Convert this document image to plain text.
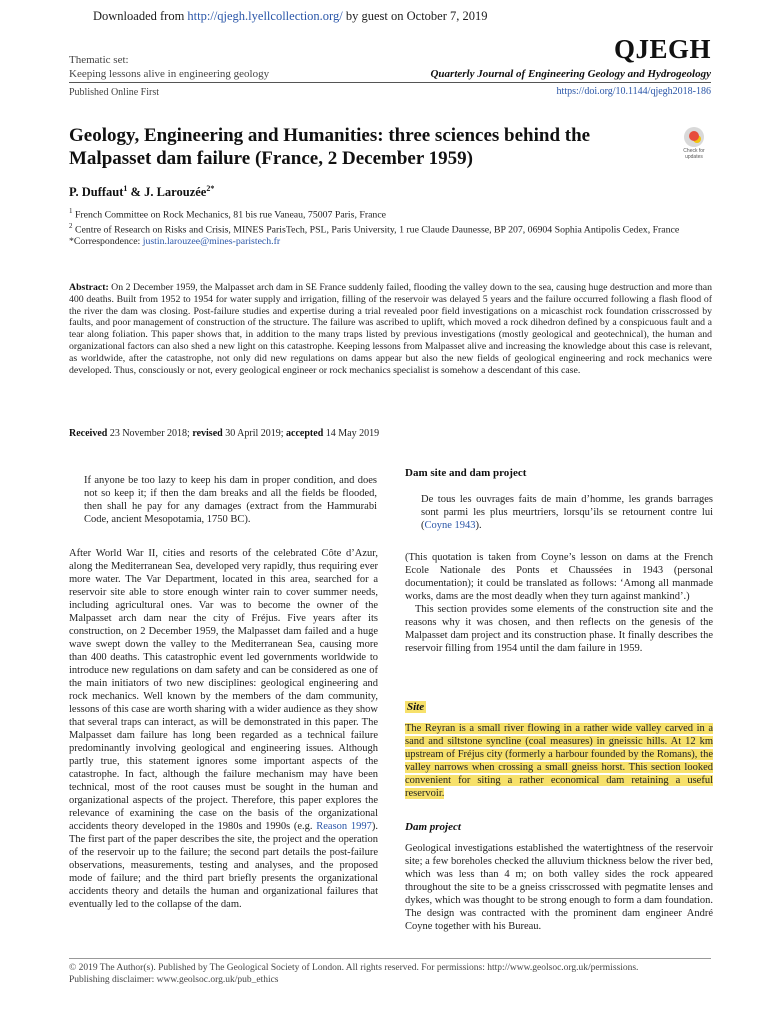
Downloaded from http://qjegh.lyellcollection.org/ by guest on October 7, 2019
Thematic set:
Keeping lessons alive in engineering geology
QJEGH
Quarterly Journal of Engineering Geology and Hydrogeology
Published Online First	https://doi.org/10.1144/qjegh2018-186
Geology, Engineering and Humanities: three sciences behind the Malpasset dam failure (France, 2 December 1959)	Check for updates
P. Duffaut$^1$ & J. Larouzée$^{2*}$

$^1$ French Committee on Rock Mechanics, 81 bis rue Vaneau, 75007 Paris, France

$^2$ Centre of Research on Risks and Crisis, MINES ParisTech, PSL, Paris University, 1 rue Claude Daunesse, BP 207, 06904 Sophia Antipolis Cedex, France

*Correspondence: justin.larouzee@mines-paristech.fr

Abstract: On 2 December 1959, the Malpasset arch dam in SE France suddenly failed, flooding the valley down to the sea, causing huge destruction and more than 400 deaths. Built from 1952 to 1954 for water supply and irrigation, filling of the reservoir was delayed 5 years and the failure occurred following a flash flood of the river the dam was closing. Post-failure studies and expertise during a trial revealed poor field investigations on a micaschist rock foundation crisscrossed by faults, and poor management of construction of the structure. The failure was ascribed to uplift, which moved a rock dihedron defined by a conspicuous fault and a tear along foliation. This paper shows that, in addition to the many traps listed by previous investigations (mostly geological and geotechnical), the human and organizational factors can also shed a new light on this catastrophe. Keeping lessons from Malpasset alive and increasing the knowledge about this case is relevant, as worldwide, after the catastrophe, not only did new regulations on dams appear but also the new fields of geological engineering and rock mechanics were developed. Thus, consciously or not, every geological engineer or rock mechanics specialist is somehow a descendant of this case.
Received 23 November 2018; revised 30 April 2019; accepted 14 May 2019
If anyone be too lazy to keep his dam in proper condition, and does not so keep it; if then the dam breaks and all the fields be flooded, then shall he pay for any damages (extract from the Hammurabi Code, ancient Mesopotamia, 1750 BC).

After World War II, cities and resorts of the celebrated Côte d’Azur, along the Mediterranean Sea, developed very rapidly, thus requiring ever more water. The Var Department, located in this area, searched for a reservoir site able to store enough winter rain to cover summer needs, including agricultural ones. Var was to become the owner of the Malpasset arch dam near the city of Fréjus. Five years after its construction, on 2 December 1959, the Malpasset dam failed and a huge wave swept down the valley to the Mediterranean Sea, causing more than 400 deaths. This catastrophic event led governments worldwide to introduce new regulations on dam safety and can be considered as one of the main initiators of two new disciplines: geological engineering and rock mechanics. Well known by the members of the dam community, lessons of this case are worth sharing with a wider audience as they show that several traps can interact, as will be demonstrated in this paper. The Malpasset dam failure has long been regarded as a technical failure predominantly involving geological and engineering issues. Although partly true, this statement ignores some important aspects of the catastrophe. In fact, although the failure mechanism may have been technical, most of the root causes must be sought in the human and organizational aspects of the project. Therefore, this paper explores the relevance of examining the case on the basis of the organizational accidents theory developed in the 1980s and 1990s (e.g. Reason 1997). The first part of the paper describes the site, the project and the operation of the reservoir up to the failure; the second part details the post-failure observations, measurements, testing and analyses, and the proposed mode of failure; and the third part briefly presents the organizational accidents theory and details the human and organizational failures that eventually led to the collapse of the dam.

Dam site and dam project
De tous les ouvrages faits de main d’homme, les grands barrages sont parmi les plus meurtriers, lorsqu’ils se retournent contre lui (Coyne 1943).

(This quotation is taken from Coyne’s lesson on dams at the French Ecole Nationale des Ponts et Chaussées in 1943 (personal documentation); it could be translated as follows: ‘Among all manmade works, dams are the most deadly when they turn against mankind’.)

This section provides some elements of the construction site and the reasons why it was chosen, and then reflects on the genesis of the Malpasset dam project and its construction phase. It finally describes the reservoir filling from 1954 until the dam failure in 1959.

Site

The Reyran is a small river flowing in a rather wide valley carved in a sand and siltstone syncline (coal measures) in gneissic hills. At 12 km upstream of Fréjus city (formerly a harbour founded by the Romans), the valley narrows when crossing a small gneiss horst. This section looked convenient for siting a rather economical dam retaining a useful reservoir.

Dam project

Geological investigations established the watertightness of the reservoir site; a few boreholes checked the alluvium thickness below the river bed, which was less than 4 m; on both valley sides the rock appeared throughout the site to be a gneiss crisscrossed with pegmatite lenses and dykes, which was thought to be strong enough to form a dam foundation. The design was contracted with the prominent dam engineer André Coyne together with his Bureau.

© 2019 The Author(s). Published by The Geological Society of London. All rights reserved. For permissions: http://www.geolsoc.org.uk/permissions.
Publishing disclaimer: www.geolsoc.org.uk/pub_ethics
